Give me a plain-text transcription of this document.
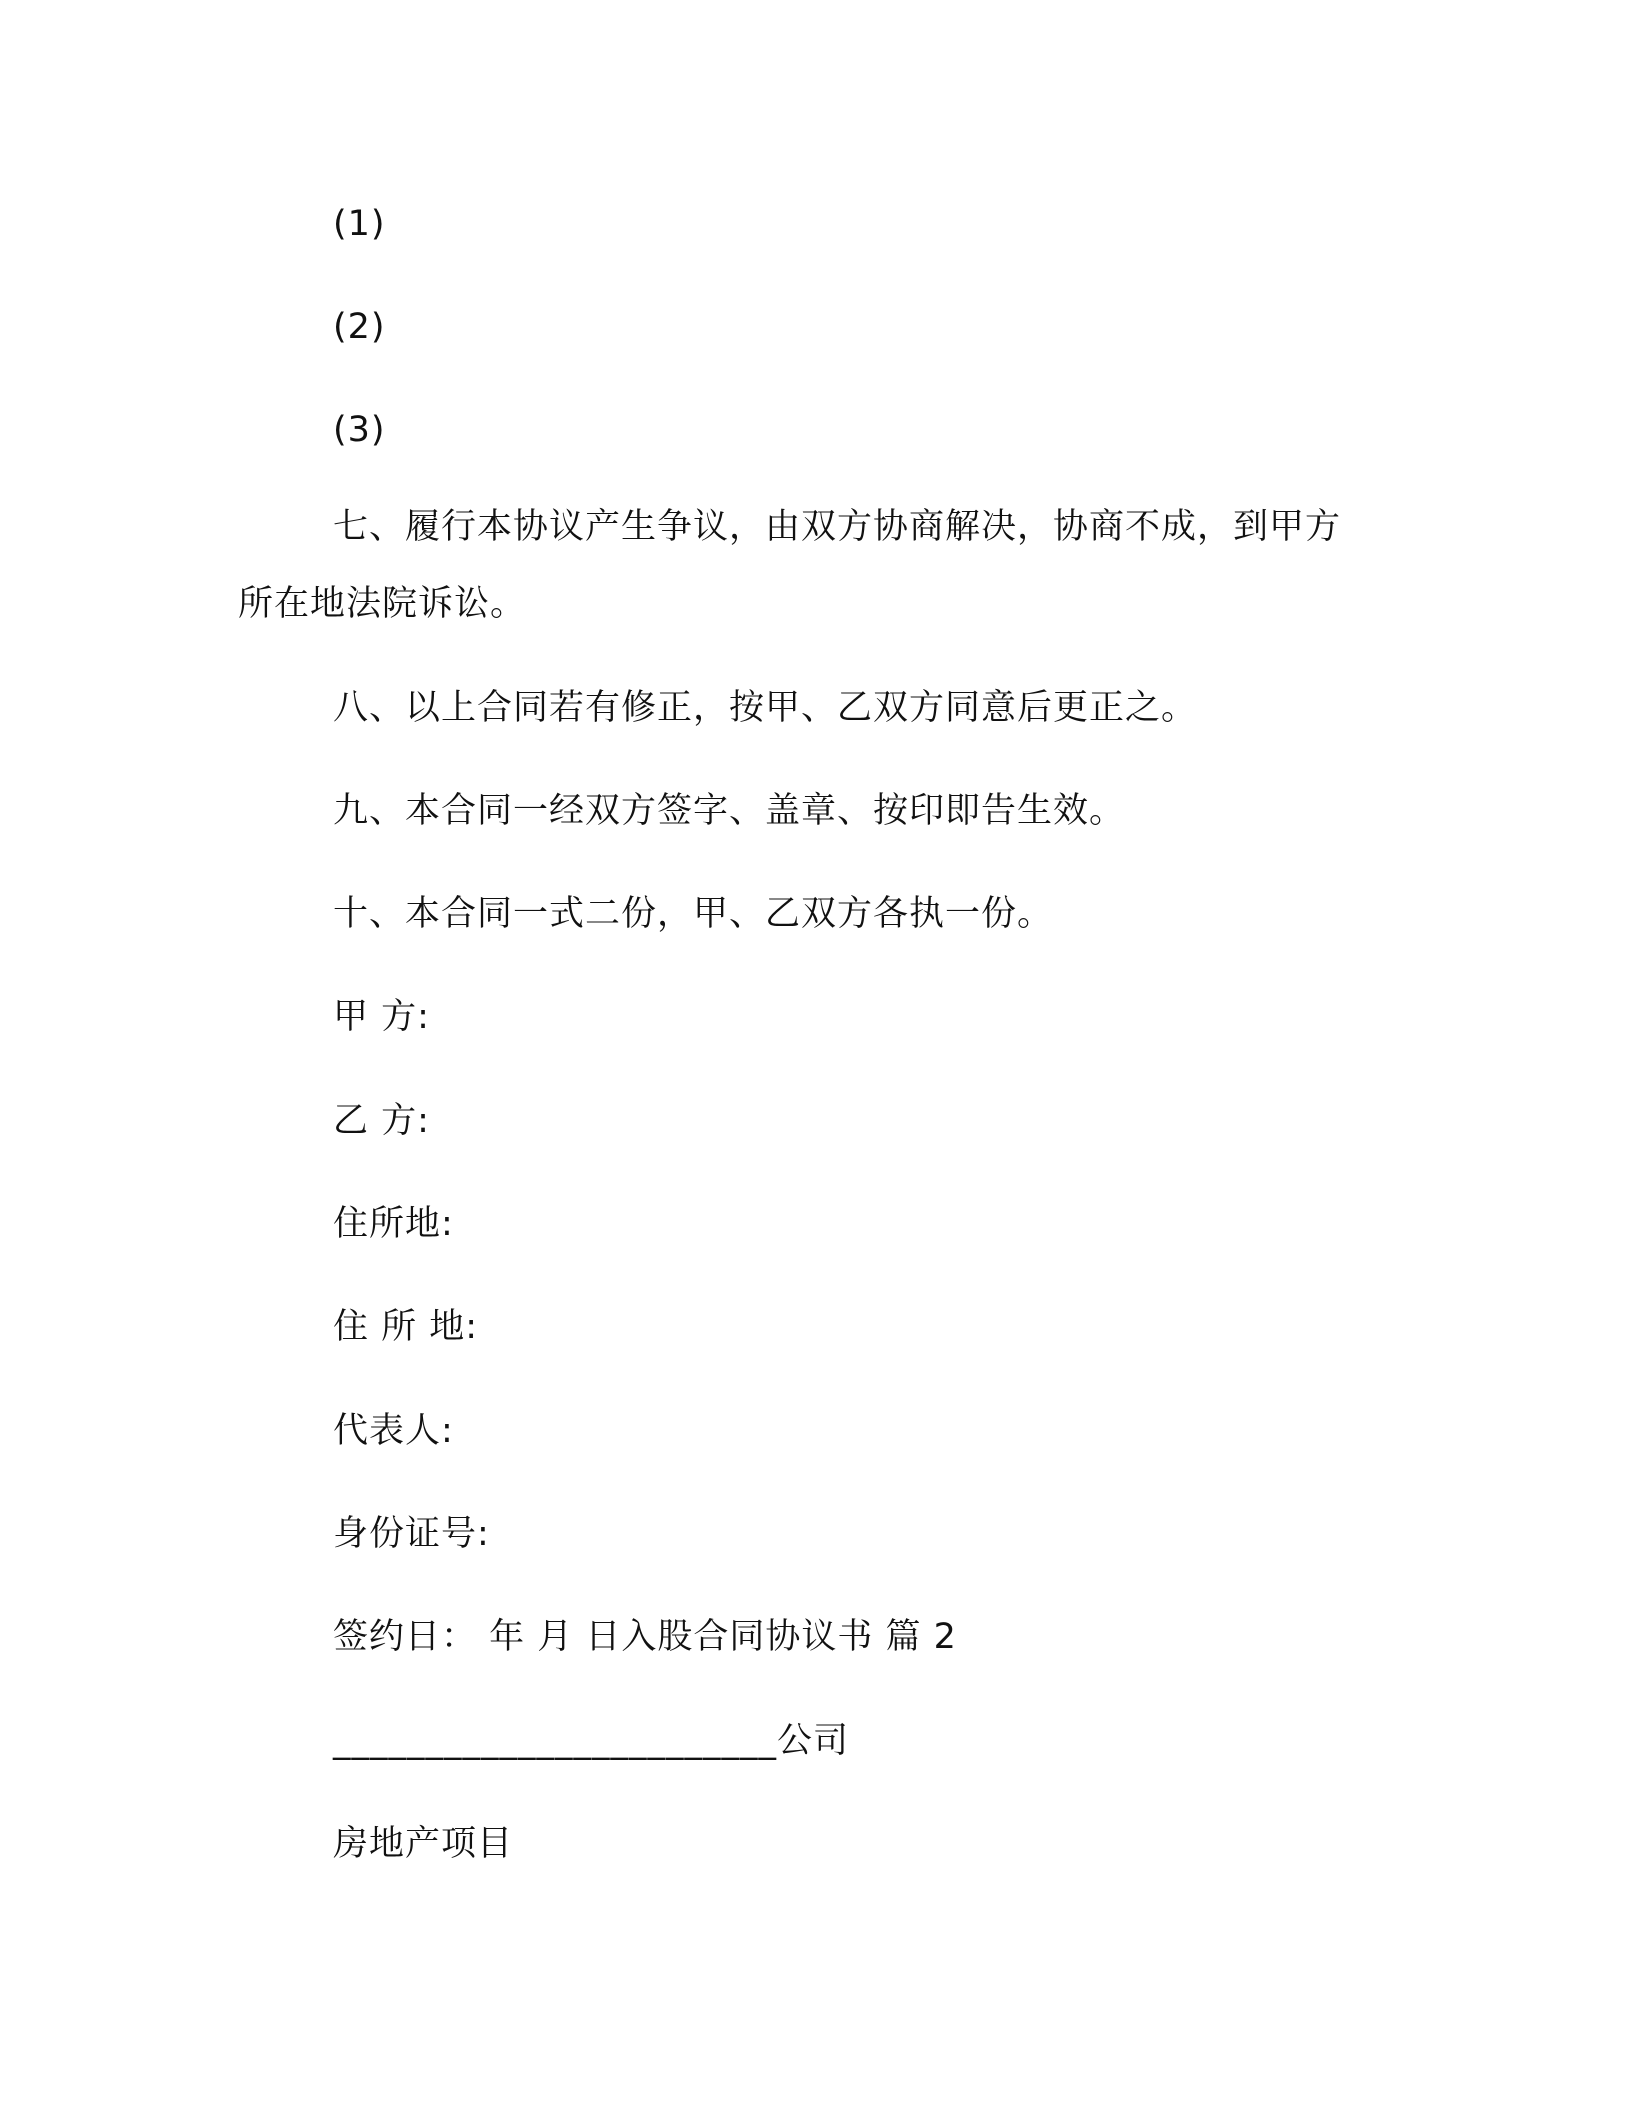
(1)
(2)
(3)
七、履行本协议产生争议，由双方协商解决，协商不成，到甲方
所在地法院诉讼。
八、以上合同若有修正，按甲、乙双方同意后更正之。
九、本合同一经双方签字、盖章、按印即告生效。
十、本合同一式二份，甲、乙双方各执一份。
甲 方:
乙 方:
住所地:
住 所 地:
代表人:
身份证号:
签约日： 年 月 日入股合同协议书 篇 2
________________________公司
房地产项目
